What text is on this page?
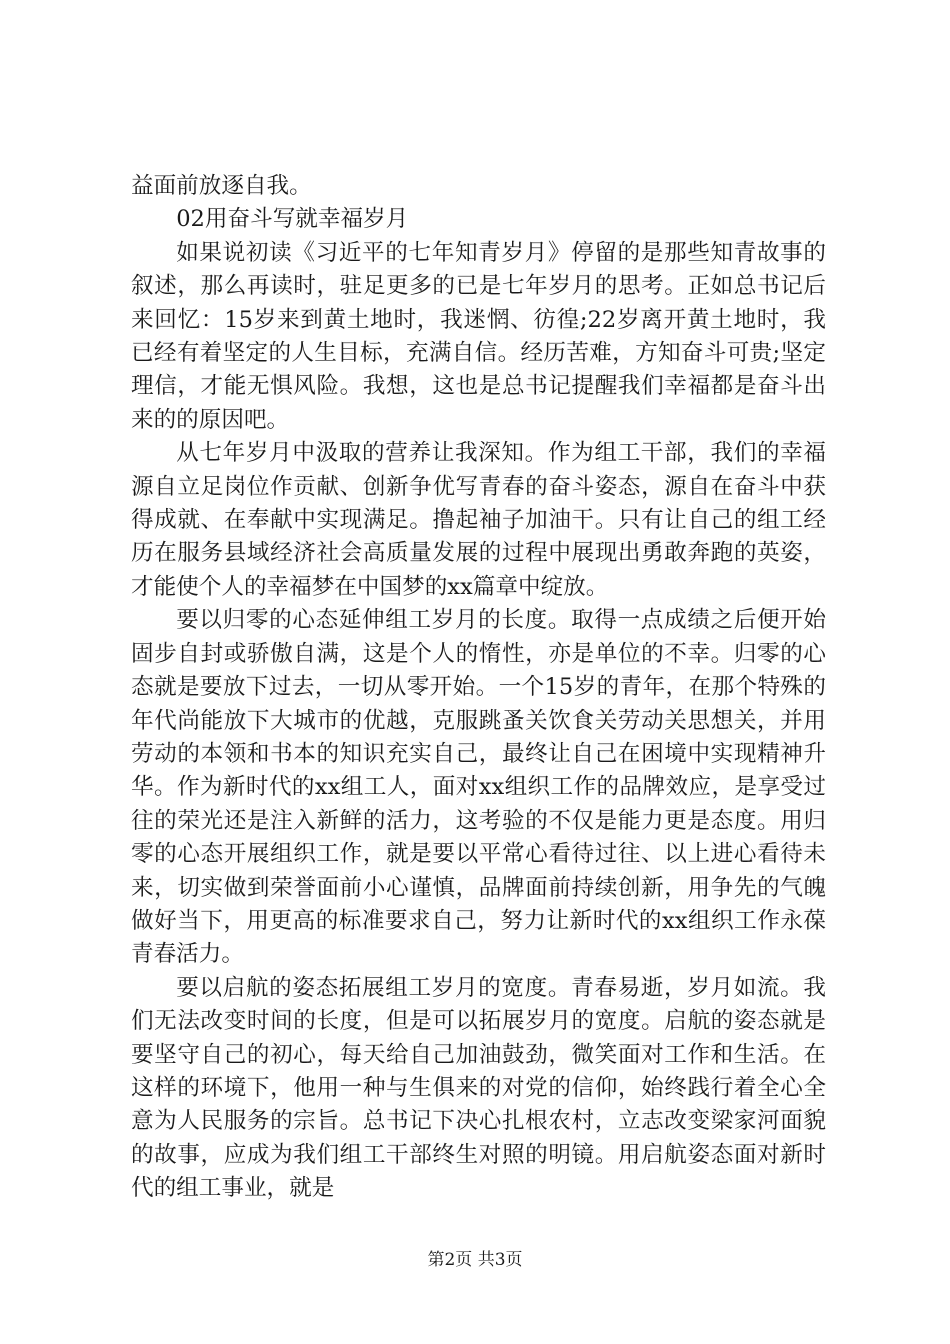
益面前放逐自我。

02用奋斗写就幸福岁月

如果说初读《习近平的七年知青岁月》停留的是那些知青故事的叙述，那么再读时，驻足更多的已是七年岁月的思考。正如总书记后来回忆：15岁来到黄土地时，我迷惘、彷徨;22岁离开黄土地时，我已经有着坚定的人生目标，充满自信。经历苦难，方知奋斗可贵;坚定理信，才能无惧风险。我想，这也是总书记提醒我们幸福都是奋斗出来的的原因吧。

从七年岁月中汲取的营养让我深知。作为组工干部，我们的幸福源自立足岗位作贡献、创新争优写青春的奋斗姿态，源自在奋斗中获得成就、在奉献中实现满足。撸起袖子加油干。只有让自己的组工经历在服务县域经济社会高质量发展的过程中展现出勇敢奔跑的英姿，才能使个人的幸福梦在中国梦的xx篇章中绽放。

要以归零的心态延伸组工岁月的长度。取得一点成绩之后便开始固步自封或骄傲自满，这是个人的惰性，亦是单位的不幸。归零的心态就是要放下过去，一切从零开始。一个15岁的青年，在那个特殊的年代尚能放下大城市的优越，克服跳蚤关饮食关劳动关思想关，并用劳动的本领和书本的知识充实自己，最终让自己在困境中实现精神升华。作为新时代的xx组工人，面对xx组织工作的品牌效应，是享受过往的荣光还是注入新鲜的活力，这考验的不仅是能力更是态度。用归零的心态开展组织工作，就是要以平常心看待过往、以上进心看待未来，切实做到荣誉面前小心谨慎，品牌面前持续创新，用争先的气魄做好当下，用更高的标准要求自己，努力让新时代的xx组织工作永葆青春活力。

要以启航的姿态拓展组工岁月的宽度。青春易逝，岁月如流。我们无法改变时间的长度，但是可以拓展岁月的宽度。启航的姿态就是要坚守自己的初心，每天给自己加油鼓劲，微笑面对工作和生活。在这样的环境下，他用一种与生俱来的对党的信仰，始终践行着全心全意为人民服务的宗旨。总书记下决心扎根农村，立志改变梁家河面貌的故事，应成为我们组工干部终生对照的明镜。用启航姿态面对新时代的组工事业，就是

第2页 共3页
